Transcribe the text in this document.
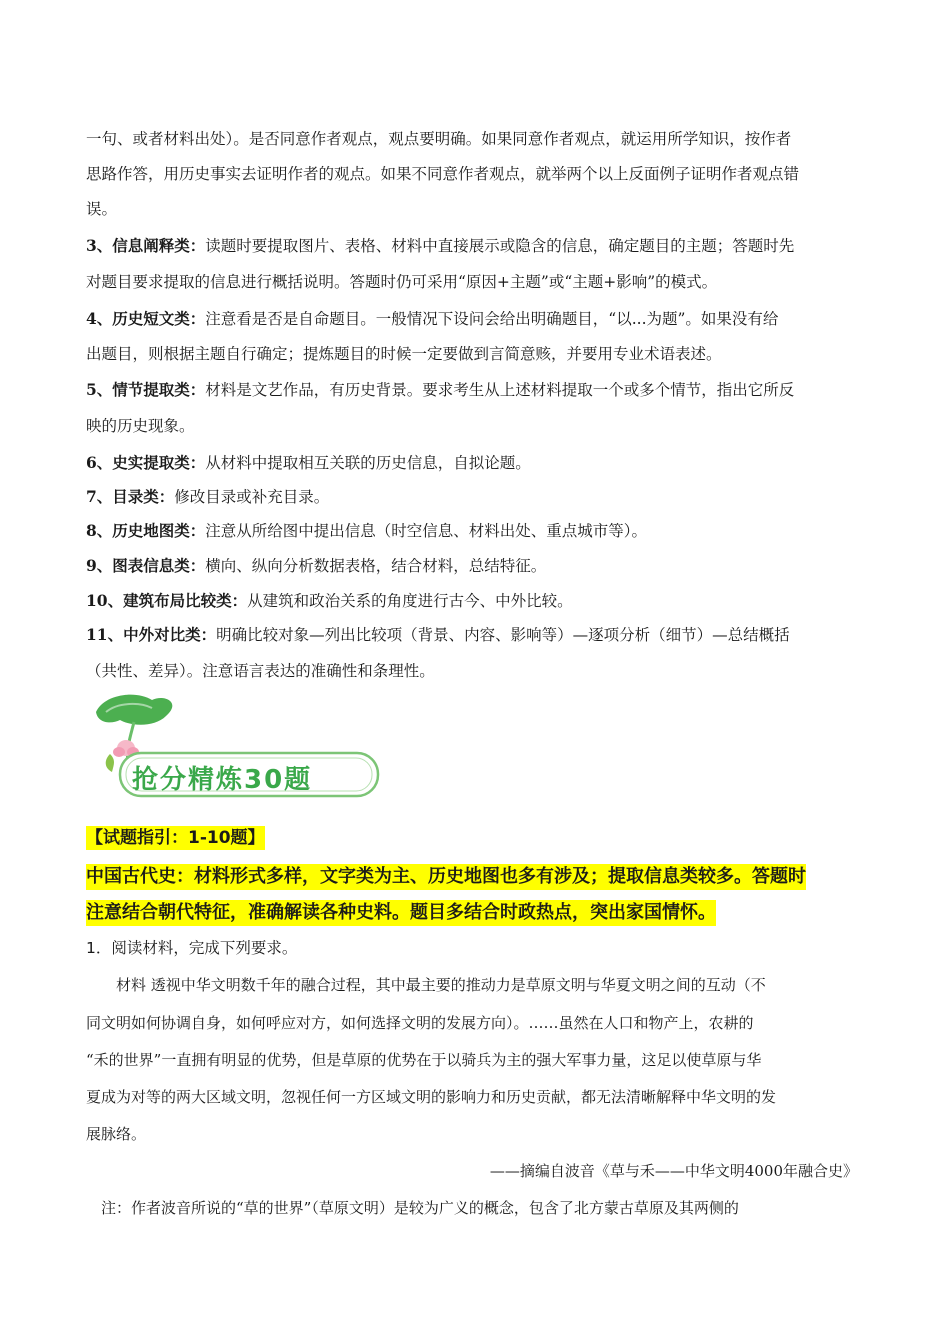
一句、或者材料出处）。是否同意作者观点，观点要明确。如果同意作者观点，就运用所学知识，按作者
思路作答，用历史事实去证明作者的观点。如果不同意作者观点，就举两个以上反面例子证明作者观点错
误。
3、信息阐释类：读题时要提取图片、表格、材料中直接展示或隐含的信息，确定题目的主题；答题时先
对题目要求提取的信息进行概括说明。答题时仍可采用“原因+主题”或“主题+影响”的模式。
4、历史短文类：注意看是否是自命题目。一般情况下设问会给出明确题目，“以...为题”。如果没有给
出题目，则根据主题自行确定；提炼题目的时候一定要做到言简意赅，并要用专业术语表述。
5、情节提取类：材料是文艺作品，有历史背景。要求考生从上述材料提取一个或多个情节，指出它所反
映的历史现象。
6、史实提取类：从材料中提取相互关联的历史信息，自拟论题。
7、目录类：修改目录或补充目录。
8、历史地图类：注意从所给图中提出信息（时空信息、材料出处、重点城市等）。
9、图表信息类：横向、纵向分析数据表格，结合材料，总结特征。
10、建筑布局比较类：从建筑和政治关系的角度进行古今、中外比较。
11、中外对比类：明确比较对象—列出比较项（背景、内容、影响等）—逐项分析（细节）—总结概括
（共性、差异）。注意语言表达的准确性和条理性。
抢分精炼30题
【试题指引：1-10题】
中国古代史：材料形式多样，文字类为主、历史地图也多有涉及；提取信息类较多。答题时
注意结合朝代特征，准确解读各种史料。题目多结合时政热点，突出家国情怀。
1．阅读材料，完成下列要求。
　　材料 透视中华文明数千年的融合过程，其中最主要的推动力是草原文明与华夏文明之间的互动（不
同文明如何协调自身，如何呼应对方，如何选择文明的发展方向）。……虽然在人口和物产上，农耕的
“禾的世界”一直拥有明显的优势，但是草原的优势在于以骑兵为主的强大军事力量，这足以使草原与华
夏成为对等的两大区域文明，忽视任何一方区域文明的影响力和历史贡献，都无法清晰解释中华文明的发
展脉络。
——摘编自波音《草与禾——中华文明4000年融合史》
　注：作者波音所说的“草的世界”（草原文明）是较为广义的概念，包含了北方蒙古草原及其两侧的
